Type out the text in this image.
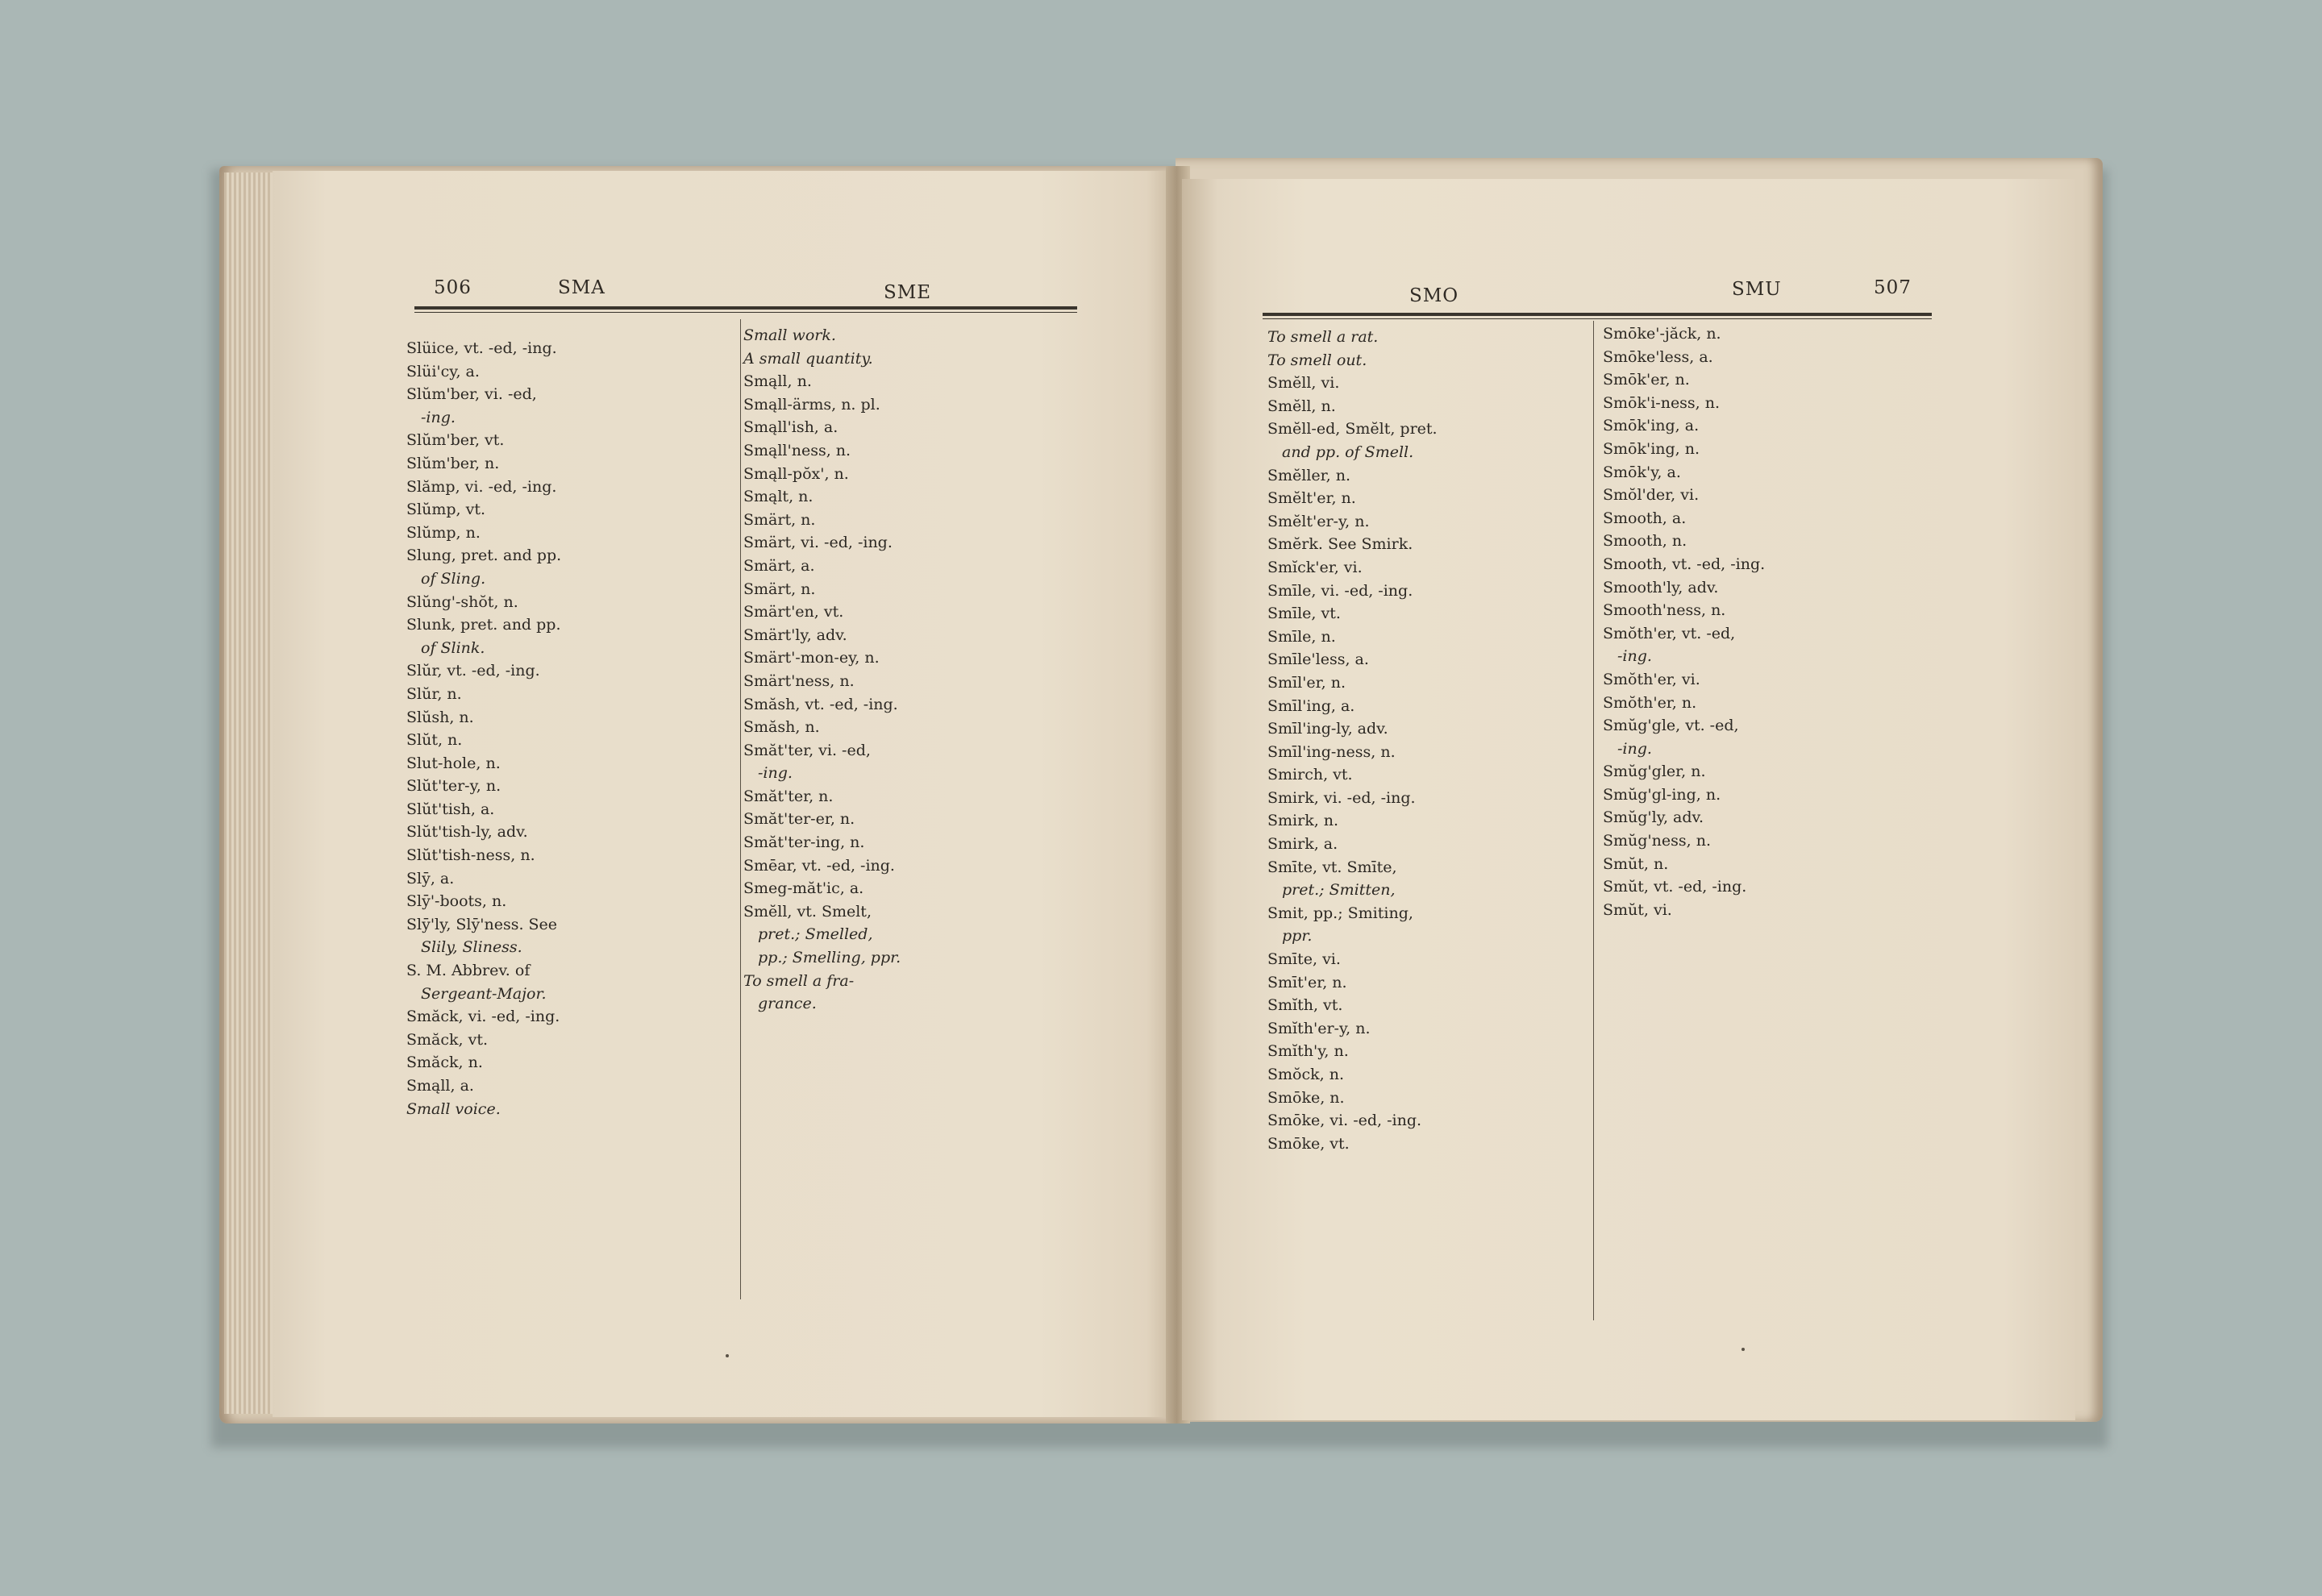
506	SMA	SME
Slüice, vt. -ed, -ing.
Slüi'cy, a.
Slŭm'ber, vi. -ed,
-ing.
Slŭm'ber, vt.
Slŭm'ber, n.
Slămp, vi. -ed, -ing.
Slŭmp, vt.
Slŭmp, n.
Slung, pret. and pp.
of Sling.
Slŭng'-shŏt, n.
Slunk, pret. and pp.
of Slink.
Slŭr, vt. -ed, -ing.
Slŭr, n.
Slŭsh, n.
Slŭt, n.
Slut-hole, n.
Slŭt'ter-y, n.
Slŭt'tish, a.
Slŭt'tish-ly, adv.
Slŭt'tish-ness, n.
Slȳ, a.
Slȳ'-boots, n.
Slȳ'ly, Slȳ'ness. See
Slily, Sliness.
S. M. Abbrev. of
Sergeant-Major.
Smăck, vi. -ed, -ing.
Smăck, vt.
Smăck, n.
Smąll, a.
Small voice.
Small work.
A small quantity.
Smąll, n.
Smąll-ärms, n. pl.
Smąll'ish, a.
Smąll'ness, n.
Smąll-pŏx', n.
Smąlt, n.
Smärt, n.
Smärt, vi. -ed, -ing.
Smärt, a.
Smärt, n.
Smärt'en, vt.
Smärt'ly, adv.
Smärt'-mon-ey, n.
Smärt'ness, n.
Smăsh, vt. -ed, -ing.
Smăsh, n.
Smăt'ter, vi. -ed,
-ing.
Smăt'ter, n.
Smăt'ter-er, n.
Smăt'ter-ing, n.
Smēar, vt. -ed, -ing.
Smeg-măt'ic, a.
Smĕll, vt. Smelt,
pret.; Smelled,
pp.; Smelling, ppr.
To smell a fra-
grance.
SMO	SMU	507
To smell a rat.
To smell out.
Smĕll, vi.
Smĕll, n.
Smĕll-ed, Smĕlt, pret.
and pp. of Smell.
Smĕller, n.
Smĕlt'er, n.
Smĕlt'er-y, n.
Smĕrk. See Smirk.
Smĭck'er, vi.
Smīle, vi. -ed, -ing.
Smīle, vt.
Smīle, n.
Smīle'less, a.
Smīl'er, n.
Smīl'ing, a.
Smīl'ing-ly, adv.
Smīl'ing-ness, n.
Smirch, vt.
Smirk, vi. -ed, -ing.
Smirk, n.
Smirk, a.
Smīte, vt. Smīte,
pret.; Smitten,
Smit, pp.; Smiting,
ppr.
Smīte, vi.
Smīt'er, n.
Smĭth, vt.
Smĭth'er-y, n.
Smĭth'y, n.
Smŏck, n.
Smōke, n.
Smōke, vi. -ed, -ing.
Smōke, vt.
Smōke'-jăck, n.
Smōke'less, a.
Smōk'er, n.
Smōk'i-ness, n.
Smōk'ing, a.
Smōk'ing, n.
Smōk'y, a.
Smŏl'der, vi.
Smooth, a.
Smooth, n.
Smooth, vt. -ed, -ing.
Smooth'ly, adv.
Smooth'ness, n.
Smŏth'er, vt. -ed,
-ing.
Smŏth'er, vi.
Smŏth'er, n.
Smŭg'gle, vt. -ed,
-ing.
Smŭg'gler, n.
Smŭg'gl-ing, n.
Smŭg'ly, adv.
Smŭg'ness, n.
Smŭt, n.
Smŭt, vt. -ed, -ing.
Smŭt, vi.
